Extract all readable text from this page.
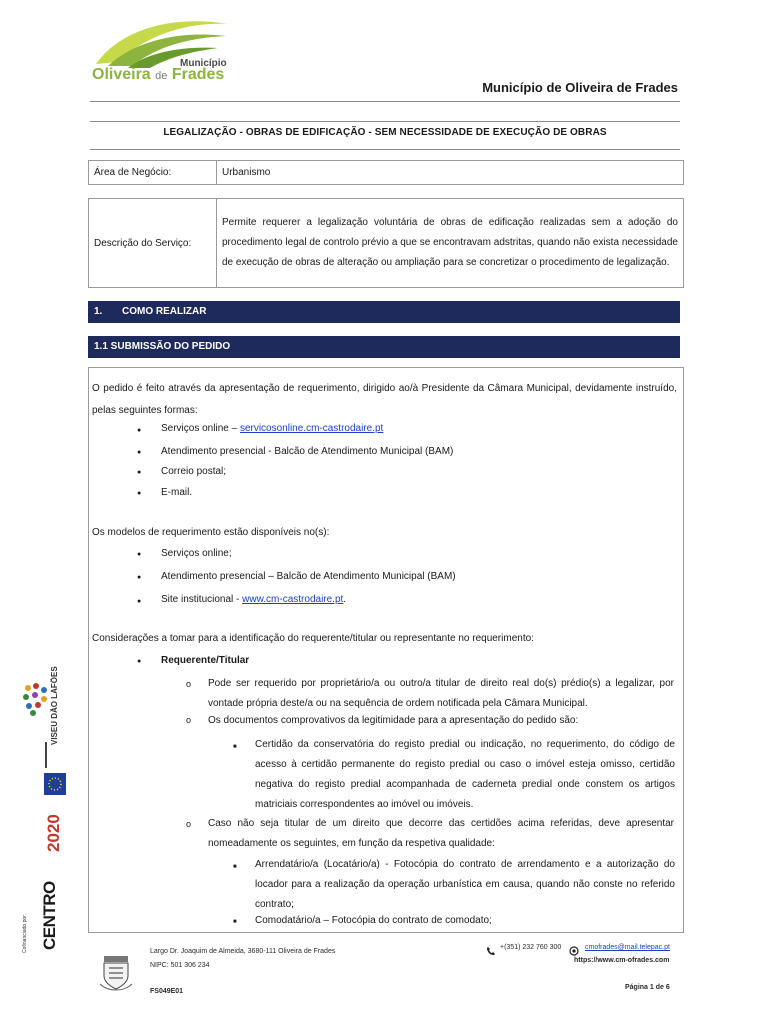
Município
Oliveira de Frades
Município de Oliveira de Frades
LEGALIZAÇÃO - OBRAS DE EDIFICAÇÃO - SEM NECESSIDADE DE EXECUÇÃO DE OBRAS
Área de Negócio:	Urbanismo
Descrição do Serviço:	Permite requerer a legalização voluntária de obras de edificação realizadas sem a adoção do procedimento legal de controlo prévio a que se encontravam adstritas, quando não exista necessidade de execução de obras de alteração ou ampliação para se concretizar o procedimento de legalização.
1. COMO REALIZAR
1.1 SUBMISSÃO DO PEDIDO
O pedido é feito através da apresentação de requerimento, dirigido ao/à Presidente da Câmara Municipal, devidamente instruído, pelas seguintes formas:
Serviços online – servicosonline.cm-castrodaire.pt
● Atendimento presencial - Balcão de Atendimento Municipal (BAM)
● Correio postal;
● E-mail.
Os modelos de requerimento estão disponíveis no(s):
● Serviços online;
● Atendimento presencial – Balcão de Atendimento Municipal (BAM)
Site institucional - www.cm-castrodaire.pt.
Considerações a tomar para a identificação do requerente/titular ou representante no requerimento:
● Requerente/Titular
o Pode ser requerido por proprietário/a ou outro/a titular de direito real do(s) prédio(s) a legalizar, por vontade própria deste/a ou na sequência de ordem notificada pela Câmara Municipal.
o Os documentos comprovativos da legitimidade para a apresentação do pedido são:
■ Certidão da conservatória do registo predial ou indicação, no requerimento, do código de acesso à certidão permanente do registo predial ou caso o imóvel esteja omisso, certidão negativa do registo predial acompanhada de caderneta predial onde constem os artigos matriciais correspondentes ao imóvel ou imóveis.
o Caso não seja titular de um direito que decorre das certidões acima referidas, deve apresentar nomeadamente os seguintes, em função da respetiva qualidade:
■ Arrendatário/a (Locatário/a) - Fotocópia do contrato de arrendamento e a autorização do locador para a realização da operação urbanística em causa, quando não conste no referido contrato;
■ Comodatário/a – Fotocópia do contrato de comodato;
VISEU DÃO LAFÕES
2020
CENTRO
Cofinanciado por:	Largo Dr. Joaquim de Almeida, 3680-111 Oliveira de Frades
NIPC: 501 306 234
+(351) 232 760 300	cmofrades@mail.telepac.pt
https://www.cm-ofrades.com
FS049E01
Página 1 de 6
